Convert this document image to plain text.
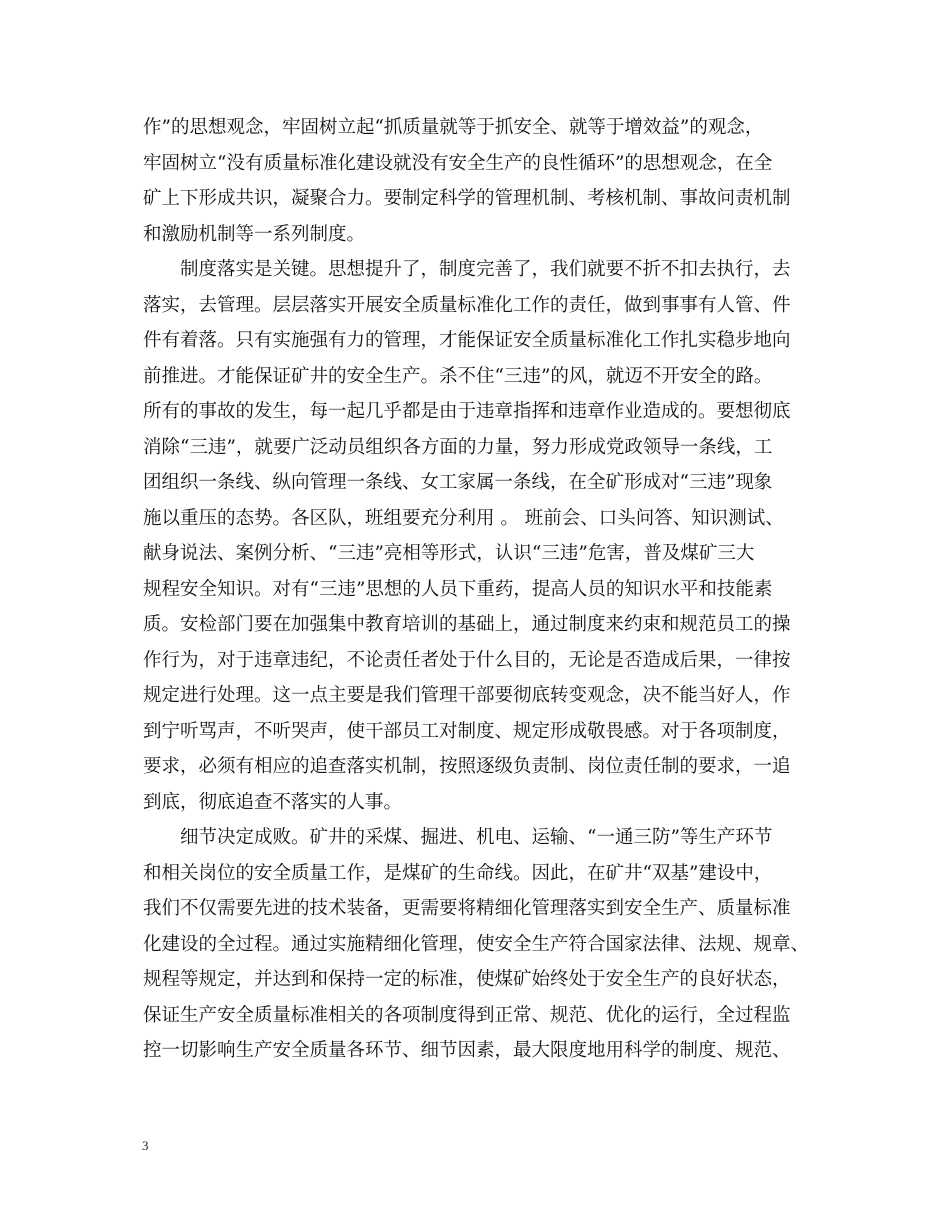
作”的思想观念，牢固树立起“抓质量就等于抓安全、就等于增效益”的观念，
牢固树立“没有质量标准化建设就没有安全生产的良性循环”的思想观念，在全
矿上下形成共识，凝聚合力。要制定科学的管理机制、考核机制、事故问责机制
和激励机制等一系列制度。
制度落实是关键。思想提升了，制度完善了，我们就要不折不扣去执行，去
落实，去管理。层层落实开展安全质量标准化工作的责任，做到事事有人管、件
件有着落。只有实施强有力的管理，才能保证安全质量标准化工作扎实稳步地向
前推进。才能保证矿井的安全生产。杀不住“三违”的风，就迈不开安全的路。
所有的事故的发生，每一起几乎都是由于违章指挥和违章作业造成的。要想彻底
消除“三违”，就要广泛动员组织各方面的力量，努力形成党政领导一条线，工
团组织一条线、纵向管理一条线、女工家属一条线，在全矿形成对“三违”现象
施以重压的态势。各区队，班组要充分利用 。 班前会、口头问答、知识测试、
献身说法、案例分析、“三违”亮相等形式，认识“三违”危害，普及煤矿三大
规程安全知识。对有“三违”思想的人员下重药，提高人员的知识水平和技能素
质。安检部门要在加强集中教育培训的基础上，通过制度来约束和规范员工的操
作行为，对于违章违纪，不论责任者处于什么目的，无论是否造成后果，一律按
规定进行处理。这一点主要是我们管理干部要彻底转变观念，决不能当好人，作
到宁听骂声，不听哭声，使干部员工对制度、规定形成敬畏感。对于各项制度，
要求，必须有相应的追查落实机制，按照逐级负责制、岗位责任制的要求，一追
到底，彻底追查不落实的人事。
细节决定成败。矿井的采煤、掘进、机电、运输、“一通三防”等生产环节
和相关岗位的安全质量工作，是煤矿的生命线。因此，在矿井“双基”建设中，
我们不仅需要先进的技术装备，更需要将精细化管理落实到安全生产、质量标准
化建设的全过程。通过实施精细化管理，使安全生产符合国家法律、法规、规章、
规程等规定，并达到和保持一定的标准，使煤矿始终处于安全生产的良好状态，
保证生产安全质量标准相关的各项制度得到正常、规范、优化的运行，全过程监
控一切影响生产安全质量各环节、细节因素，最大限度地用科学的制度、规范、
3
